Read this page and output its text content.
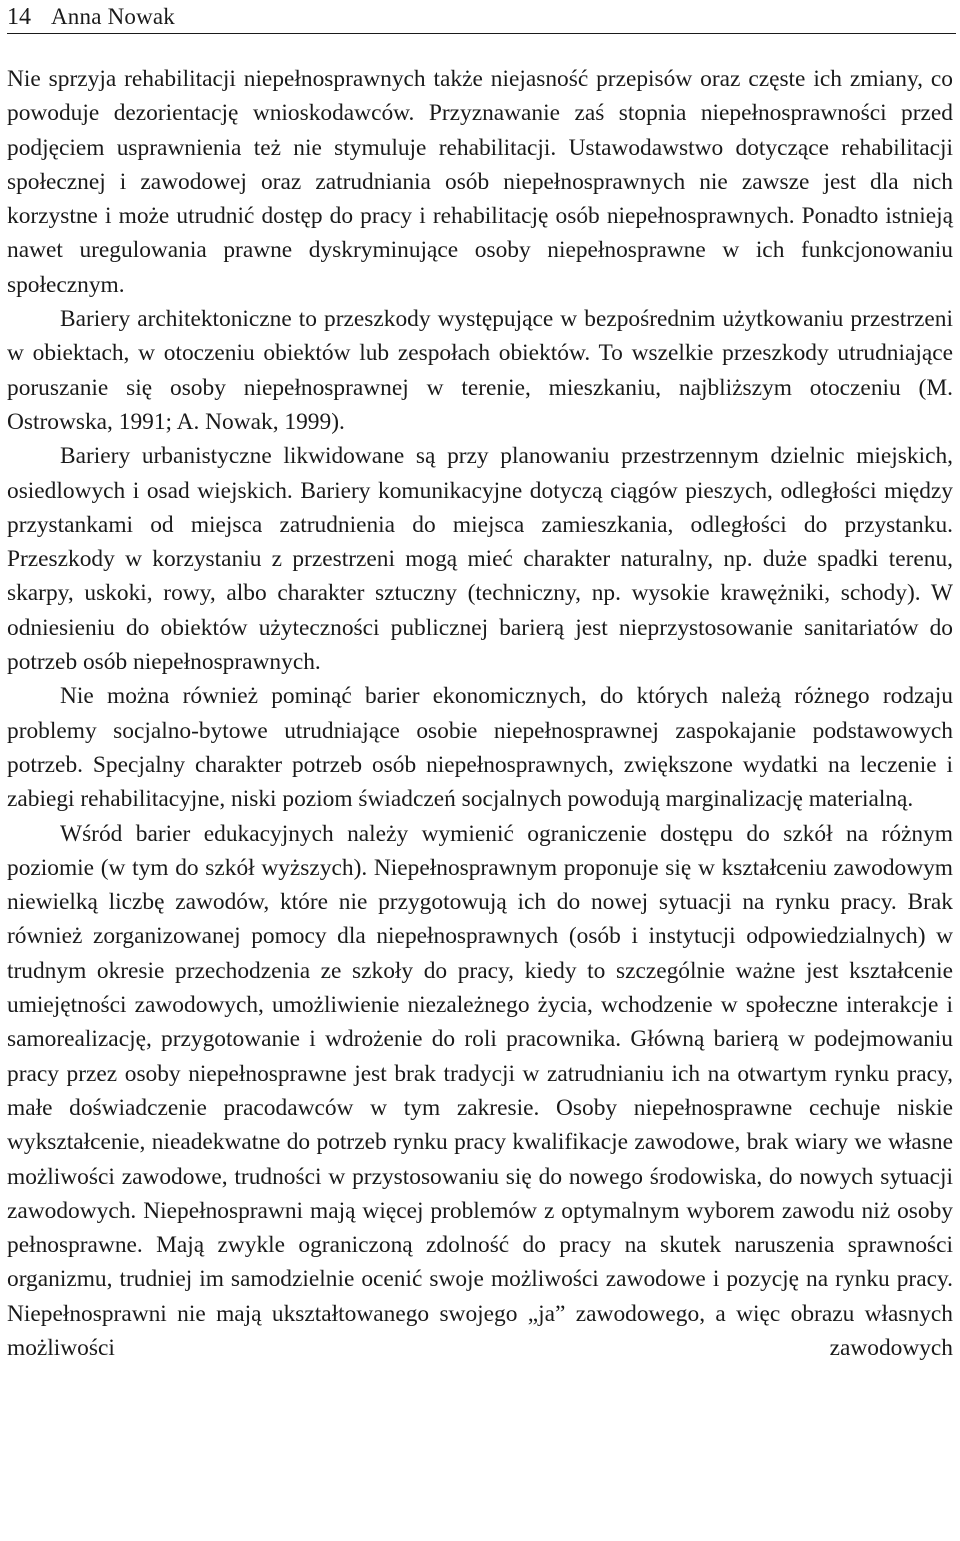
14 Anna Nowak

Nie sprzyja rehabilitacji niepełnosprawnych także niejasność przepisów oraz częste ich zmiany, co powoduje dezorientację wnioskodawców. Przyznawanie zaś stopnia niepełnosprawności przed podjęciem usprawnienia też nie stymuluje rehabilitacji. Ustawodawstwo dotyczące rehabilitacji społecznej i zawodowej oraz zatrudniania osób niepełnosprawnych nie zawsze jest dla nich korzystne i może utrudnić dostęp do pracy i rehabilitację osób niepełnosprawnych. Ponadto istnieją nawet uregulowania prawne dyskryminujące osoby niepełnosprawne w ich funkcjonowaniu społecznym.

Bariery architektoniczne to przeszkody występujące w bezpośrednim użytkowaniu przestrzeni w obiektach, w otoczeniu obiektów lub zespołach obiektów. To wszelkie przeszkody utrudniające poruszanie się osoby niepełnosprawnej w terenie, mieszkaniu, najbliższym otoczeniu (M. Ostrowska, 1991; A. Nowak, 1999).

Bariery urbanistyczne likwidowane są przy planowaniu przestrzennym dzielnic miejskich, osiedlowych i osad wiejskich. Bariery komunikacyjne dotyczą ciągów pieszych, odległości między przystankami od miejsca zatrudnienia do miejsca zamieszkania, odległości do przystanku. Przeszkody w korzystaniu z przestrzeni mogą mieć charakter naturalny, np. duże spadki terenu, skarpy, uskoki, rowy, albo charakter sztuczny (techniczny, np. wysokie krawężniki, schody). W odniesieniu do obiektów użyteczności publicznej barierą jest nieprzystosowanie sanitariatów do potrzeb osób niepełnosprawnych.

Nie można również pominąć barier ekonomicznych, do których należą różnego rodzaju problemy socjalno-bytowe utrudniające osobie niepełnosprawnej zaspokajanie podstawowych potrzeb. Specjalny charakter potrzeb osób niepełnosprawnych, zwiększone wydatki na leczenie i zabiegi rehabilitacyjne, niski poziom świadczeń socjalnych powodują marginalizację materialną.

Wśród barier edukacyjnych należy wymienić ograniczenie dostępu do szkół na różnym poziomie (w tym do szkół wyższych). Niepełnosprawnym proponuje się w kształceniu zawodowym niewielką liczbę zawodów, które nie przygotowują ich do nowej sytuacji na rynku pracy. Brak również zorganizowanej pomocy dla niepełnosprawnych (osób i instytucji odpowiedzialnych) w trudnym okresie przechodzenia ze szkoły do pracy, kiedy to szczególnie ważne jest kształcenie umiejętności zawodowych, umożliwienie niezależnego życia, wchodzenie w społeczne interakcje i samorealizację, przygotowanie i wdrożenie do roli pracownika. Główną barierą w podejmowaniu pracy przez osoby niepełnosprawne jest brak tradycji w zatrudnianiu ich na otwartym rynku pracy, małe doświadczenie pracodawców w tym zakresie. Osoby niepełnosprawne cechuje niskie wykształcenie, nieadekwatne do potrzeb rynku pracy kwalifikacje zawodowe, brak wiary we własne możliwości zawodowe, trudności w przystosowaniu się do nowego środowiska, do nowych sytuacji zawodowych. Niepełnosprawni mają więcej problemów z optymalnym wyborem zawodu niż osoby pełnosprawne. Mają zwykle ograniczoną zdolność do pracy na skutek naruszenia sprawności organizmu, trudniej im samodzielnie ocenić swoje możliwości zawodowe i pozycję na rynku pracy. Niepełnosprawni nie mają ukształtowanego swojego „ja” zawodowego, a więc obrazu własnych możliwości zawodowych
